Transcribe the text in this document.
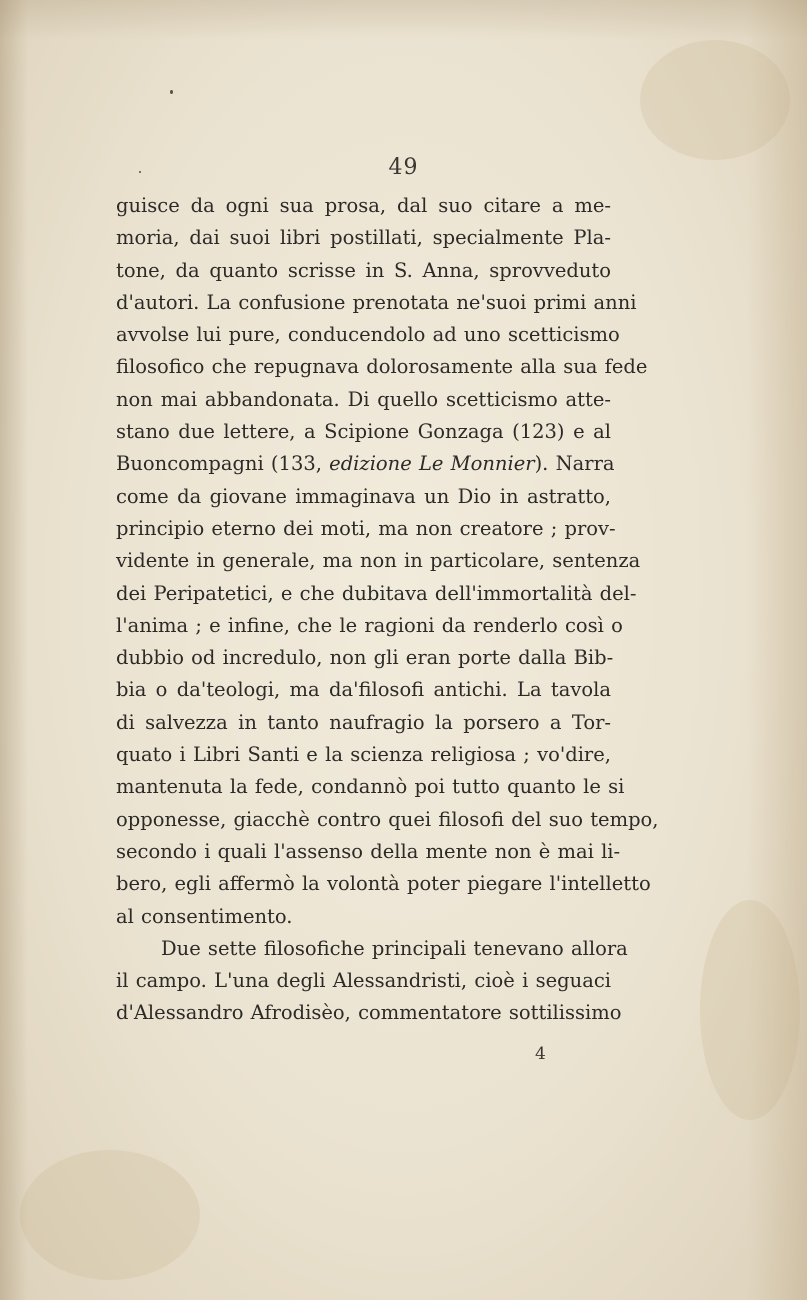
49
guisce da ogni sua prosa, dal suo citare a me-
moria, dai suoi libri postillati, specialmente Pla-
tone, da quanto scrisse in S. Anna, sprovveduto
d'autori. La confusione prenotata ne'suoi primi anni
avvolse lui pure, conducendolo ad uno scetticismo
filosofico che repugnava dolorosamente alla sua fede
non mai abbandonata. Di quello scetticismo atte-
stano due lettere, a Scipione Gonzaga (123) e al
Buoncompagni (133, edizione Le Monnier). Narra
come da giovane immaginava un Dio in astratto,
principio eterno dei moti, ma non creatore ; prov-
vidente in generale, ma non in particolare, sentenza
dei Peripatetici, e che dubitava dell'immortalità del-
l'anima ; e infine, che le ragioni da renderlo così o
dubbio od incredulo, non gli eran porte dalla Bib-
bia o da'teologi, ma da'filosofi antichi. La tavola
di salvezza in tanto naufragio la porsero a Tor-
quato i Libri Santi e la scienza religiosa ; vo'dire,
mantenuta la fede, condannò poi tutto quanto le si
opponesse, giacchè contro quei filosofi del suo tempo,
secondo i quali l'assenso della mente non è mai li-
bero, egli affermò la volontà poter piegare l'intelletto
al consentimento.
Due sette filosofiche principali tenevano allora
il campo. L'una degli Alessandristi, cioè i seguaci
d'Alessandro Afrodisèo, commentatore sottilissimo
4
